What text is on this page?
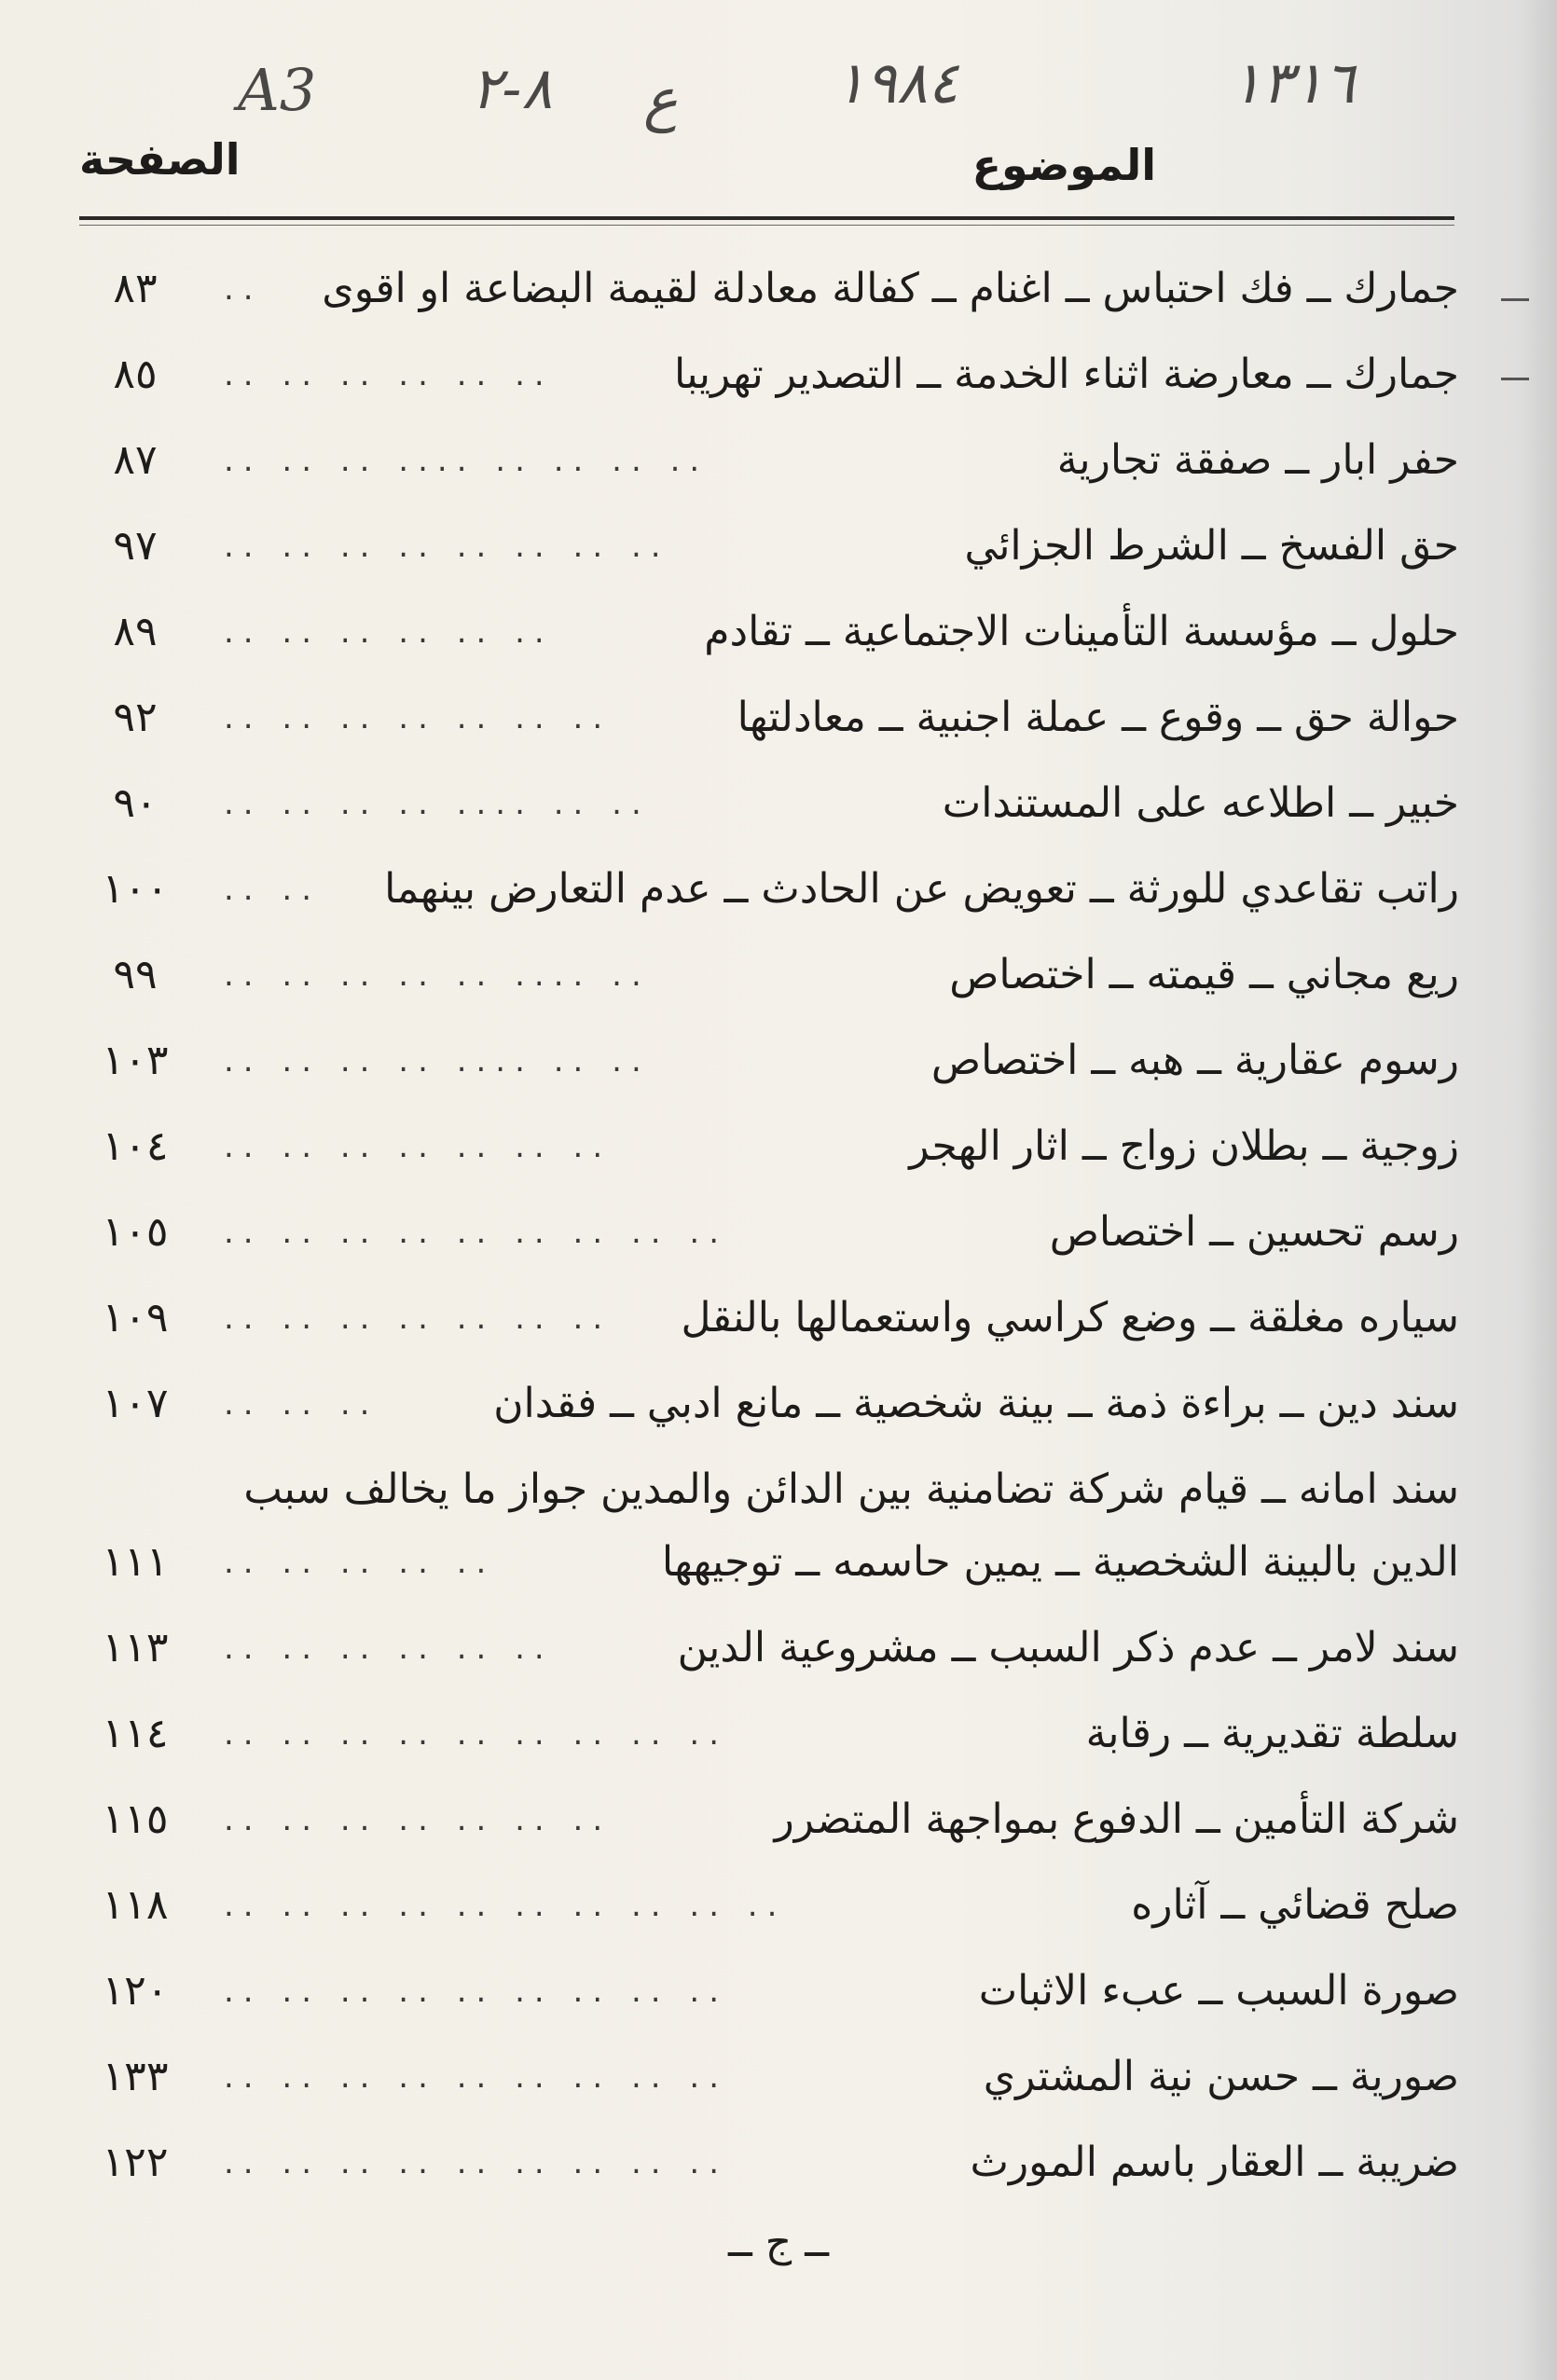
A3	٨-٢ ع	١٩٨٤	١٣١٦
الموضوع
الصفحة
جمارك ــ فك احتباس ــ اغنام ــ كفالة معادلة لقيمة البضاعة او اقوى
..
٨٣
جمارك ــ معارضة اثناء الخدمة ــ التصدير تهريبا
.. .. .. .. .. ..
٨٥
حفر ابار ــ صفقة تجارية
.. .. .. .. .... .. .. ..
٨٧
حق الفسخ ــ الشرط الجزائي
.. .. .. .. .. .. .. ..
٩٧
حلول ــ مؤسسة التأمينات الاجتماعية ــ تقادم
.. .. .. .. .. ..
٨٩
حوالة حق ــ وقوع ــ عملة اجنبية ــ معادلتها
.. .. .. .. .. .. ..
٩٢
خبير ــ اطلاعه على المستندات
.. .. .... .. .. .. ..
٩٠
راتب تقاعدي للورثة ــ تعويض عن الحادث ــ عدم التعارض بينهما
.. ..
١٠٠
ريع مجاني ــ قيمته ــ اختصاص
.. .... .. .. .. .. ..
٩٩
رسوم عقارية ــ هبه ــ اختصاص
.. .. .... .. .. .. ..
١٠٣
زوجية ــ بطلان زواج ــ اثار الهجر
.. .. .. .. .. .. ..
١٠٤
رسم تحسين ــ اختصاص
.. .. .. .. .. .. .. .. ..
١٠٥
سياره مغلقة ــ وضع كراسي واستعمالها بالنقل
.. .. .. .. .. .. ..
١٠٩
سند دين ــ براءة ذمة ــ بينة شخصية ــ مانع ادبي ــ فقدان
.. .. ..
١٠٧
سند امانه ــ قيام شركة تضامنية بين الدائن والمدين جواز ما يخالف سبب
الدين بالبينة الشخصية ــ يمين حاسمه ــ توجيهها
.. .. .. .. ..
١١١
سند لامر ــ عدم ذكر السبب ــ مشروعية الدين
.. .. .. .. .. ..
١١٣
سلطة تقديرية ــ رقابة
.. .. .. .. .. .. .. .. ..
١١٤
شركة التأمين ــ الدفوع بمواجهة المتضرر
.. .. .. .. .. .. ..
١١٥
صلح قضائي ــ آثاره
.. .. .. .. .. .. .. .. .. ..
١١٨
صورة السبب ــ عبء الاثبات
.. .. .. .. .. .. .. .. ..
١٢٠
صورية ــ حسن نية المشتري
.. .. .. .. .. .. .. .. ..
١٣٣
ضريبة ــ العقار باسم المورث
.. .. .. .. .. .. .. .. ..
١٢٢
ــ ج ــ
